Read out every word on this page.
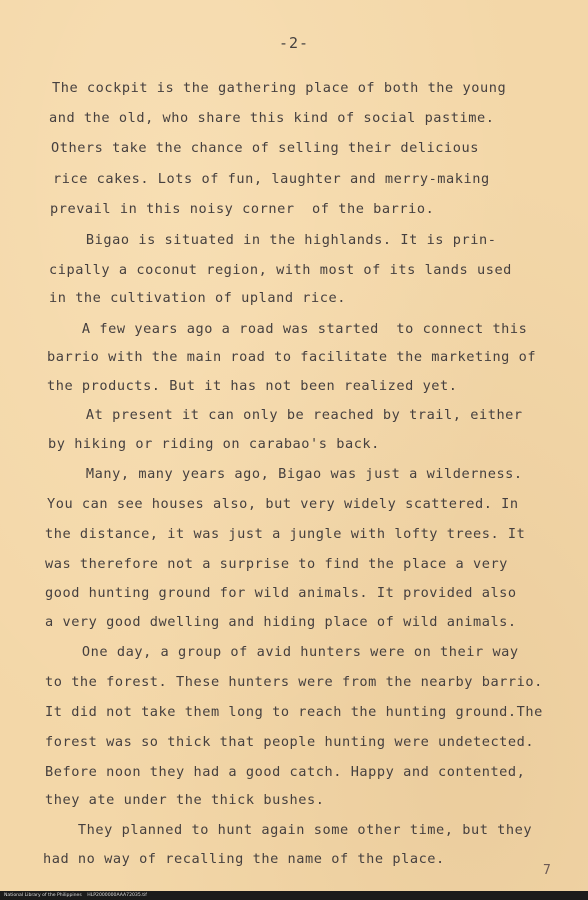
-2-
The cockpit is the gathering place of both the young
and the old, who share this kind of social pastime.
Others take the chance of selling their delicious
rice cakes. Lots of fun, laughter and merry-making
prevail in this noisy corner  of the barrio.
Bigao is situated in the highlands. It is prin-
cipally a coconut region, with most of its lands used
in the cultivation of upland rice.
A few years ago a road was started  to connect this
barrio with the main road to facilitate the marketing of
the products. But it has not been realized yet.
At present it can only be reached by trail, either
by hiking or riding on carabao's back.
Many, many years ago, Bigao was just a wilderness.
You can see houses also, but very widely scattered. In
the distance, it was just a jungle with lofty trees. It
was therefore not a surprise to find the place a very
good hunting ground for wild animals. It provided also
a very good dwelling and hiding place of wild animals.
One day, a group of avid hunters were on their way
to the forest. These hunters were from the nearby barrio.
It did not take them long to reach the hunting ground.The
forest was so thick that people hunting were undetected.
Before noon they had a good catch. Happy and contented,
they ate under the thick bushes.
They planned to hunt again some other time, but they
had no way of recalling the name of the place.
7
National Library of the Philippines HLP2000000AAA72035.tif
